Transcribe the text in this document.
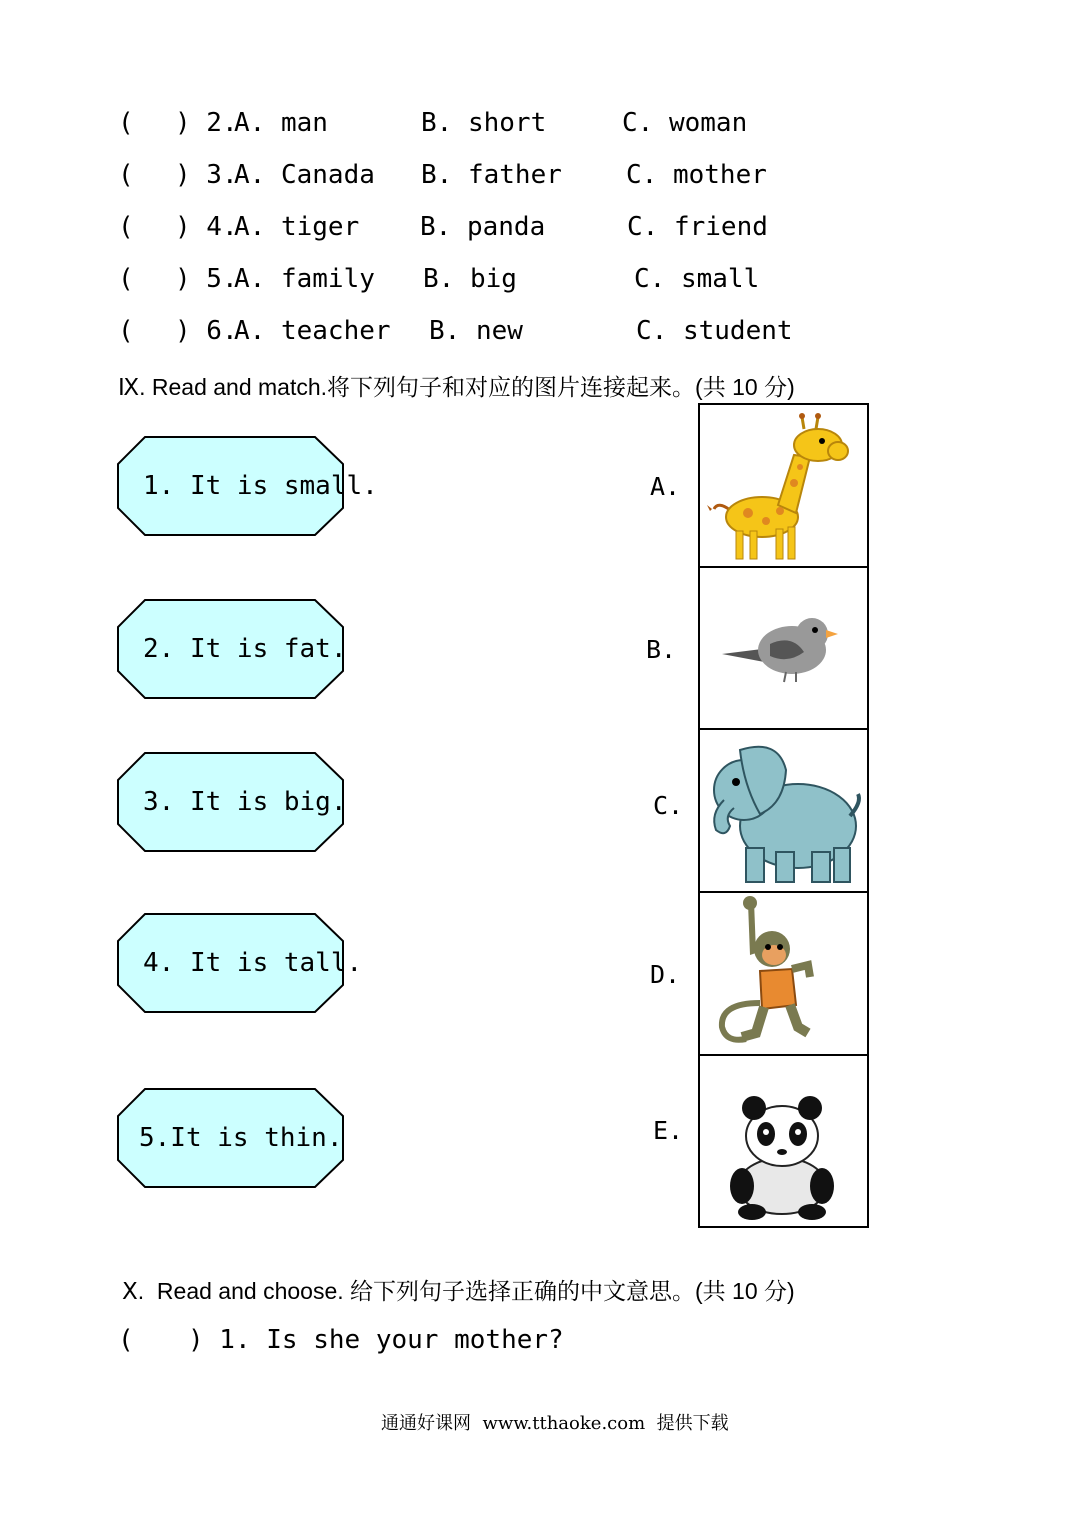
( ) 2.
A. man	B. short	C. woman
( ) 3.
A. Canada B. father C. mother
( ) 4.
A. tiger B. panda	C. friend
( ) 5.
A. family B. big	C. small
( ) 6.
A. teacher B. new	C. student
Ⅸ. Read and match.将下列句子和对应的图片连接起来。(共 10 分)
1. It is small.
2. It is fat.
3. It is big.
4. It is tall.
5.It is thin.
A.
B.
C.
D.
E.
Ⅹ.  Read and choose. 给下列句子选择正确的中文意思。(共 10 分)
( ) 1. Is she your mother?
通通好课网  www.tthaoke.com  提供下载
